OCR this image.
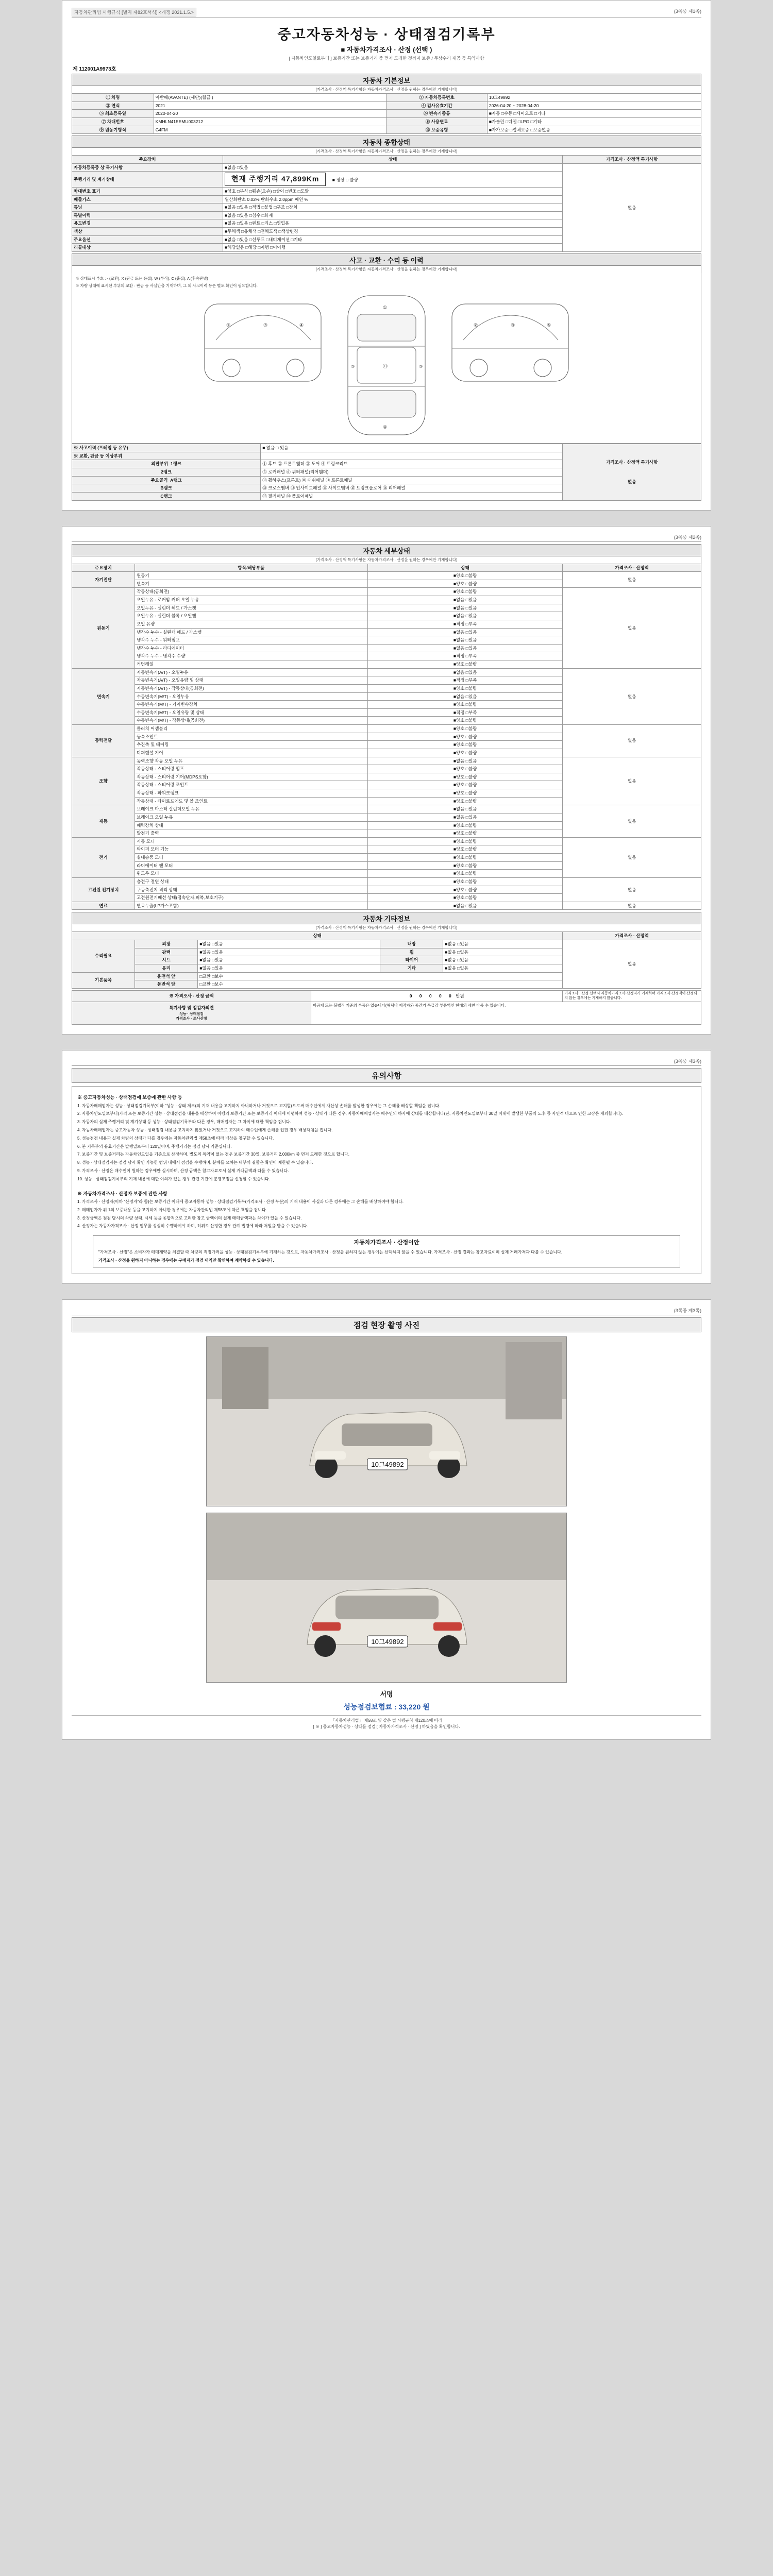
자동차관리법 시행규칙 [별지 제82호서식] <개정 2021.1.5.>	(3쪽중 제1쪽)
중고자동차성능 · 상태점검기록부
■ 자동차가격조사 · 산정 (선택 )
[ 자동차인도일로부터 ] 보증기간 또는 보증거리 중 먼저 도래한 것까지 보증 / 무상수리 제공 등 특약사항
제 112001A9973호
자동차 기본정보
(가격조사 · 산정액 특기사항은 자동차가격조사 · 산정을 원하는 경우에만 기재합니다)
① 차명	아반떼(AVANTE) (세단)(월급 )	② 자동차등록번호	10그49892
③ 연식	2021	④ 검사유효기간	2026-04-20 ~ 2028-04-20
⑤ 최초등록일	2020-04-20	⑥ 변속기종류	■자동 □수동 □세미오토 □기타
⑦ 차대번호	KMHLN41EEMU003212	⑧ 사용연료	■가솔린 □디젤 □LPG □기타
⑨ 원동기형식	G4FM	⑩ 보증유형	■자가보증 □업체보증 □보증없음
자동차 종합상태
(가격조사 · 산정액 특기사항은 자동차가격조사 · 산정을 원하는 경우에만 기재합니다)
주요장치	상태	가격조사 · 산정액 특기사항
자동차등록증 상 특기사항	■없음 □있음	없음
주행거리 및 계기상태	현재 주행거리 47,899Km ■ 정상 □ 불량	
차대번호 표기	■양호 □부식 □훼손(오손) □상이 □변조 □도말	
배출가스	일산화탄소 0.02% 탄화수소 2.0ppm 매연 %	
튜닝	■없음 □있음 □적법 □불법 □구조 □장치	
특별이력	■없음 □있음 □침수 □화재	
용도변경	■없음 □있음 □렌트 □리스 □영업용	
색상	■무채색 □유채색 □전체도색 □색상변경	
주요옵션	■없음 □있음 □선루프 □내비게이션 □기타	
리콜대상	■해당없음 □해당 □이행 □미이행	
사고 · 교환 · 수리 등 이력
(가격조사 · 산정액 특기사항은 자동차가격조사 · 산정을 원하는 경우에만 기재합니다)
※ 상태표시 부호 : - (교환), X (판금 또는 용접), W (부식), C (흠집), A (후속판넬)
※ 차량 상태에 표시된 부위의 교환 · 판금 등 사실만을 기재하며, 그 외 사고이력 등은 별도 확인이 필요합니다.
①	③	④
①
⑬
④
⑤	⑤
②	③	⑥
※ 사고이력 (프레임 등 유무)	■ 없음 □ 있음	가격조사 · 산정액 특기사항
없음

※ 교환, 판금 등 이상부위		
외판부위 1랭크	① 후드 ② 프론트휀더 ③ 도어 ④ 트렁크리드	
2랭크	⑤ 로커패널 ⑥ 쿼터패널(리어휀더)	
주요골격 A랭크	⑨ 휠하우스(프론트) ⑩ 대쉬패널 ⑪ 프론트패널	
B랭크	⑫ 크로스멤버 ⑬ 인사이드패널 ⑭ 사이드멤버 ⑮ 트렁크플로어 ⑯ 리어패널	
C랭크	⑰ 필러패널 ⑱ 플로어패널	
(3쪽중 제2쪽)
자동차 세부상태
(가격조사 · 산정액 특기사항은 자동차가격조사 · 산정을 원하는 경우에만 기재합니다)
주요장치	항목/해당부품	상태	가격조사 · 산정액
자기진단	원동기	■양호 □불량	없음
	변속기	■양호 □불량	
원동기	작동상태(공회전)	■양호 □불량	없음
	오일누유 - 로커암 커버 오일 누유	■없음 □있음	
	오일누유 - 실린더 헤드 / 가스켓	■없음 □있음	
	오일누유 - 실린더 블록 / 오일팬	■없음 □있음	
	오일 유량	■적정 □부족	
	냉각수 누수 - 실린더 헤드 / 가스켓	■없음 □있음	
	냉각수 누수 - 워터펌프	■없음 □있음	
	냉각수 누수 - 라디에이터	■없음 □있음	
	냉각수 누수 - 냉각수 수량	■적정 □부족	
	커먼레일	■양호 □불량	
변속기	자동변속기(A/T) - 오일누유	■없음 □있음	없음
	자동변속기(A/T) - 오일유량 및 상태	■적정 □부족	
	자동변속기(A/T) - 작동상태(공회전)	■양호 □불량	
	수동변속기(M/T) - 오일누유	■없음 □있음	
	수동변속기(M/T) - 기어변속장치	■양호 □불량	
	수동변속기(M/T) - 오일유량 및 상태	■적정 □부족	
	수동변속기(M/T) - 작동상태(공회전)	■양호 □불량	
동력전달	클러치 어셈블리	■양호 □불량	없음
	등속조인트	■양호 □불량	
	추진축 및 베어링	■양호 □불량	
	디퍼렌셜 기어	■양호 □불량	
조향	동력조향 작동 오일 누유	■없음 □있음	없음
	작동상태 - 스티어링 펌프	■양호 □불량	
	작동상태 - 스티어링 기어(MDPS포함)	■양호 □불량	
	작동상태 - 스티어링 조인트	■양호 □불량	
	작동상태 - 파워크랭크	■양호 □불량	
	작동상태 - 타이로드엔드 및 볼 조인트	■양호 □불량	
제동	브레이크 마스터 실린더오일 누유	■없음 □있음	없음
	브레이크 오일 누유	■없음 □있음	
	배력장치 상태	■양호 □불량	
	발전기 출력	■양호 □불량	
전기	시동 모터	■양호 □불량	없음
	와이퍼 모터 기능	■양호 □불량	
	실내송풍 모터	■양호 □불량	
	라디에이터 팬 모터	■양호 □불량	
	윈도우 모터	■양호 □불량	
고전원 전기장치	충전구 절연 상태	■양호 □불량	없음
	구동축전지 격리 상태	■양호 □불량	
	고전원전기배선 상태(접속단자,피복,보호기구)	■양호 □불량	
연료	연료누출(LP가스포함)	■없음 □있음	없음
자동차 기타정보
(가격조사 · 산정액 특기사항은 자동차가격조사 · 산정을 원하는 경우에만 기재합니다)
상태					가격조사 · 산정액
수리필요	외장	■없음 □있음	내장	■없음 □있음	없음
	광택	■없음 □있음	휠	■없음 □있음	
	시트	■없음 □있음	타이어	■없음 □있음	
	유리	■없음 □있음	기타	■없음 □있음	
기본품목	운전석 앞	□교환 □보수			
	동반석 앞	□교환 □보수			
※ 가격조사 · 산정 금액	0 0 0 0 0 만원	가격조사 · 산정 선택시 자동차가격조사·산정자가 기재하며 가격조사·산정액이 산정되지 않는 경우에는 기재하지 않습니다.

특기사항 및 점검자의견
성능 · 상태점검
가격조사 · 조사산정	비공개 또는 불법적 기준의 부품은 없습니다(해체나 제작자와 중간기 특급감 부품역인 현대의 세찬 다룸 수 있습니다.	
(3쪽중 제3쪽)
유의사항
※ 중고자동차성능 · 상태점검에 보증에 관한 사항 등
1. 자동차매매업자는 성능 · 상태점검기록부(이하 "성능 · 상태 체크(의 기재 내용을 고지하지 아니하거나 거짓으로 고지할(으로써 매수인에게 재산상 손해를 발생한 경우에는 그 손해를 배상할 책임을 집니다.
2. 자동차인도일로부터(가격 또는 보증기간 성능 · 상태점검을 내용을 배상하여 이행의 보증기간 또는 보증거리 이내에 이행하며 성능 · 상태가 다른 경우, 자동차매매업자는 매수인의 하자에 상태를 배상합니다(단, 자동차인도일로부터 30일 이내에 발생한 부품의 노후 등 자연적 마모로 인한 고장은 제외합니다).
3. 자동차의 실제 주행거리 및 계기상태 등 성능 · 상태점검기록부와 다른 경우, 매매업자는 그 차이에 대한 책임을 집니다.
4. 자동차매매업자는 중고자동차 성능 · 상태점검 내용을 고지하지 않았거나 거짓으로 고지하여 매수인에게 손해를 입힌 경우 배상책임을 집니다.
5. 성능점검 내용과 실제 차량의 상태가 다를 경우에는 자동차관리법 제58조에 따라 배상을 청구할 수 있습니다.
6. 본 기록부의 유효기간은 발행일로부터 120일이며, 주행거리는 점검 당시 기준입니다.
7. 보증기간 및 보증거리는 자동차인도일을 기준으로 산정하며, 별도의 특약이 없는 경우 보증기간 30일, 보증거리 2,000km 중 먼저 도래한 것으로 합니다.
8. 성능 · 상태점검자는 점검 당시 확인 가능한 범위 내에서 점검을 수행하며, 분해를 요하는 내부의 결함은 확인이 제한될 수 있습니다.
9. 가격조사 · 산정은 매수인이 원하는 경우에만 실시하며, 산정 금액은 참고자료로서 실제 거래금액과 다를 수 있습니다.
10. 성능 · 상태점검기록부의 기재 내용에 대한 이의가 있는 경우 관련 기관에 분쟁조정을 신청할 수 있습니다.
※ 자동차가격조사 · 산정자 보증에 관한 사항
1. 가격조사 · 산정자(이하 "산정자"라 함)는 보증기간 이내에 중고자동차 성능 · 상태점검기록부(가격조사 · 산정 부분)의 기재 내용이 사실과 다른 경우에는 그 손해를 배상하여야 합니다.
2. 매매업자가 위 1의 보증내용 등을 고지하지 아니한 경우에는 자동차관리법 제58조에 따른 책임을 집니다.
3. 산정금액은 점검 당시의 차량 상태, 시세 등을 종합적으로 고려한 참고 금액이며 실제 매매금액과는 차이가 있을 수 있습니다.
4. 산정자는 자동차가격조사 · 산정 업무를 성실히 수행하여야 하며, 허위로 산정한 경우 관계 법령에 따라 처벌을 받을 수 있습니다.
자동차가격조사 · 산정이안
"가격조사 · 산정"은 소비자가 매매계약을 체결할 때 차량의 적정가격을 성능 · 상태점검기록부에 기재하는 것으로, 자동차가격조사 · 산정을 원하지 않는 경우에는 선택하지 않을 수 있습니다. 가격조사 · 산정 결과는 참고자료이며 실제 거래가격과 다를 수 있습니다.
가격조사 · 산정을 원하지 아니하는 경우에는 구매자가 점검 내역만 확인하여 계약하실 수 있습니다.
(3쪽중 제3쪽)
점검 현장 촬영 사진
10그49892
10그49892
서명
성능점검보험료 : 33,220 원
「자동차관리법」 제58조 및 같은 법 시행규칙 제120조에 따라
[ ※ ] 중고자동차성능 · 상태를 점검 [ 자동차가격조사 · 산정 ] 하였음을 확인합니다.
